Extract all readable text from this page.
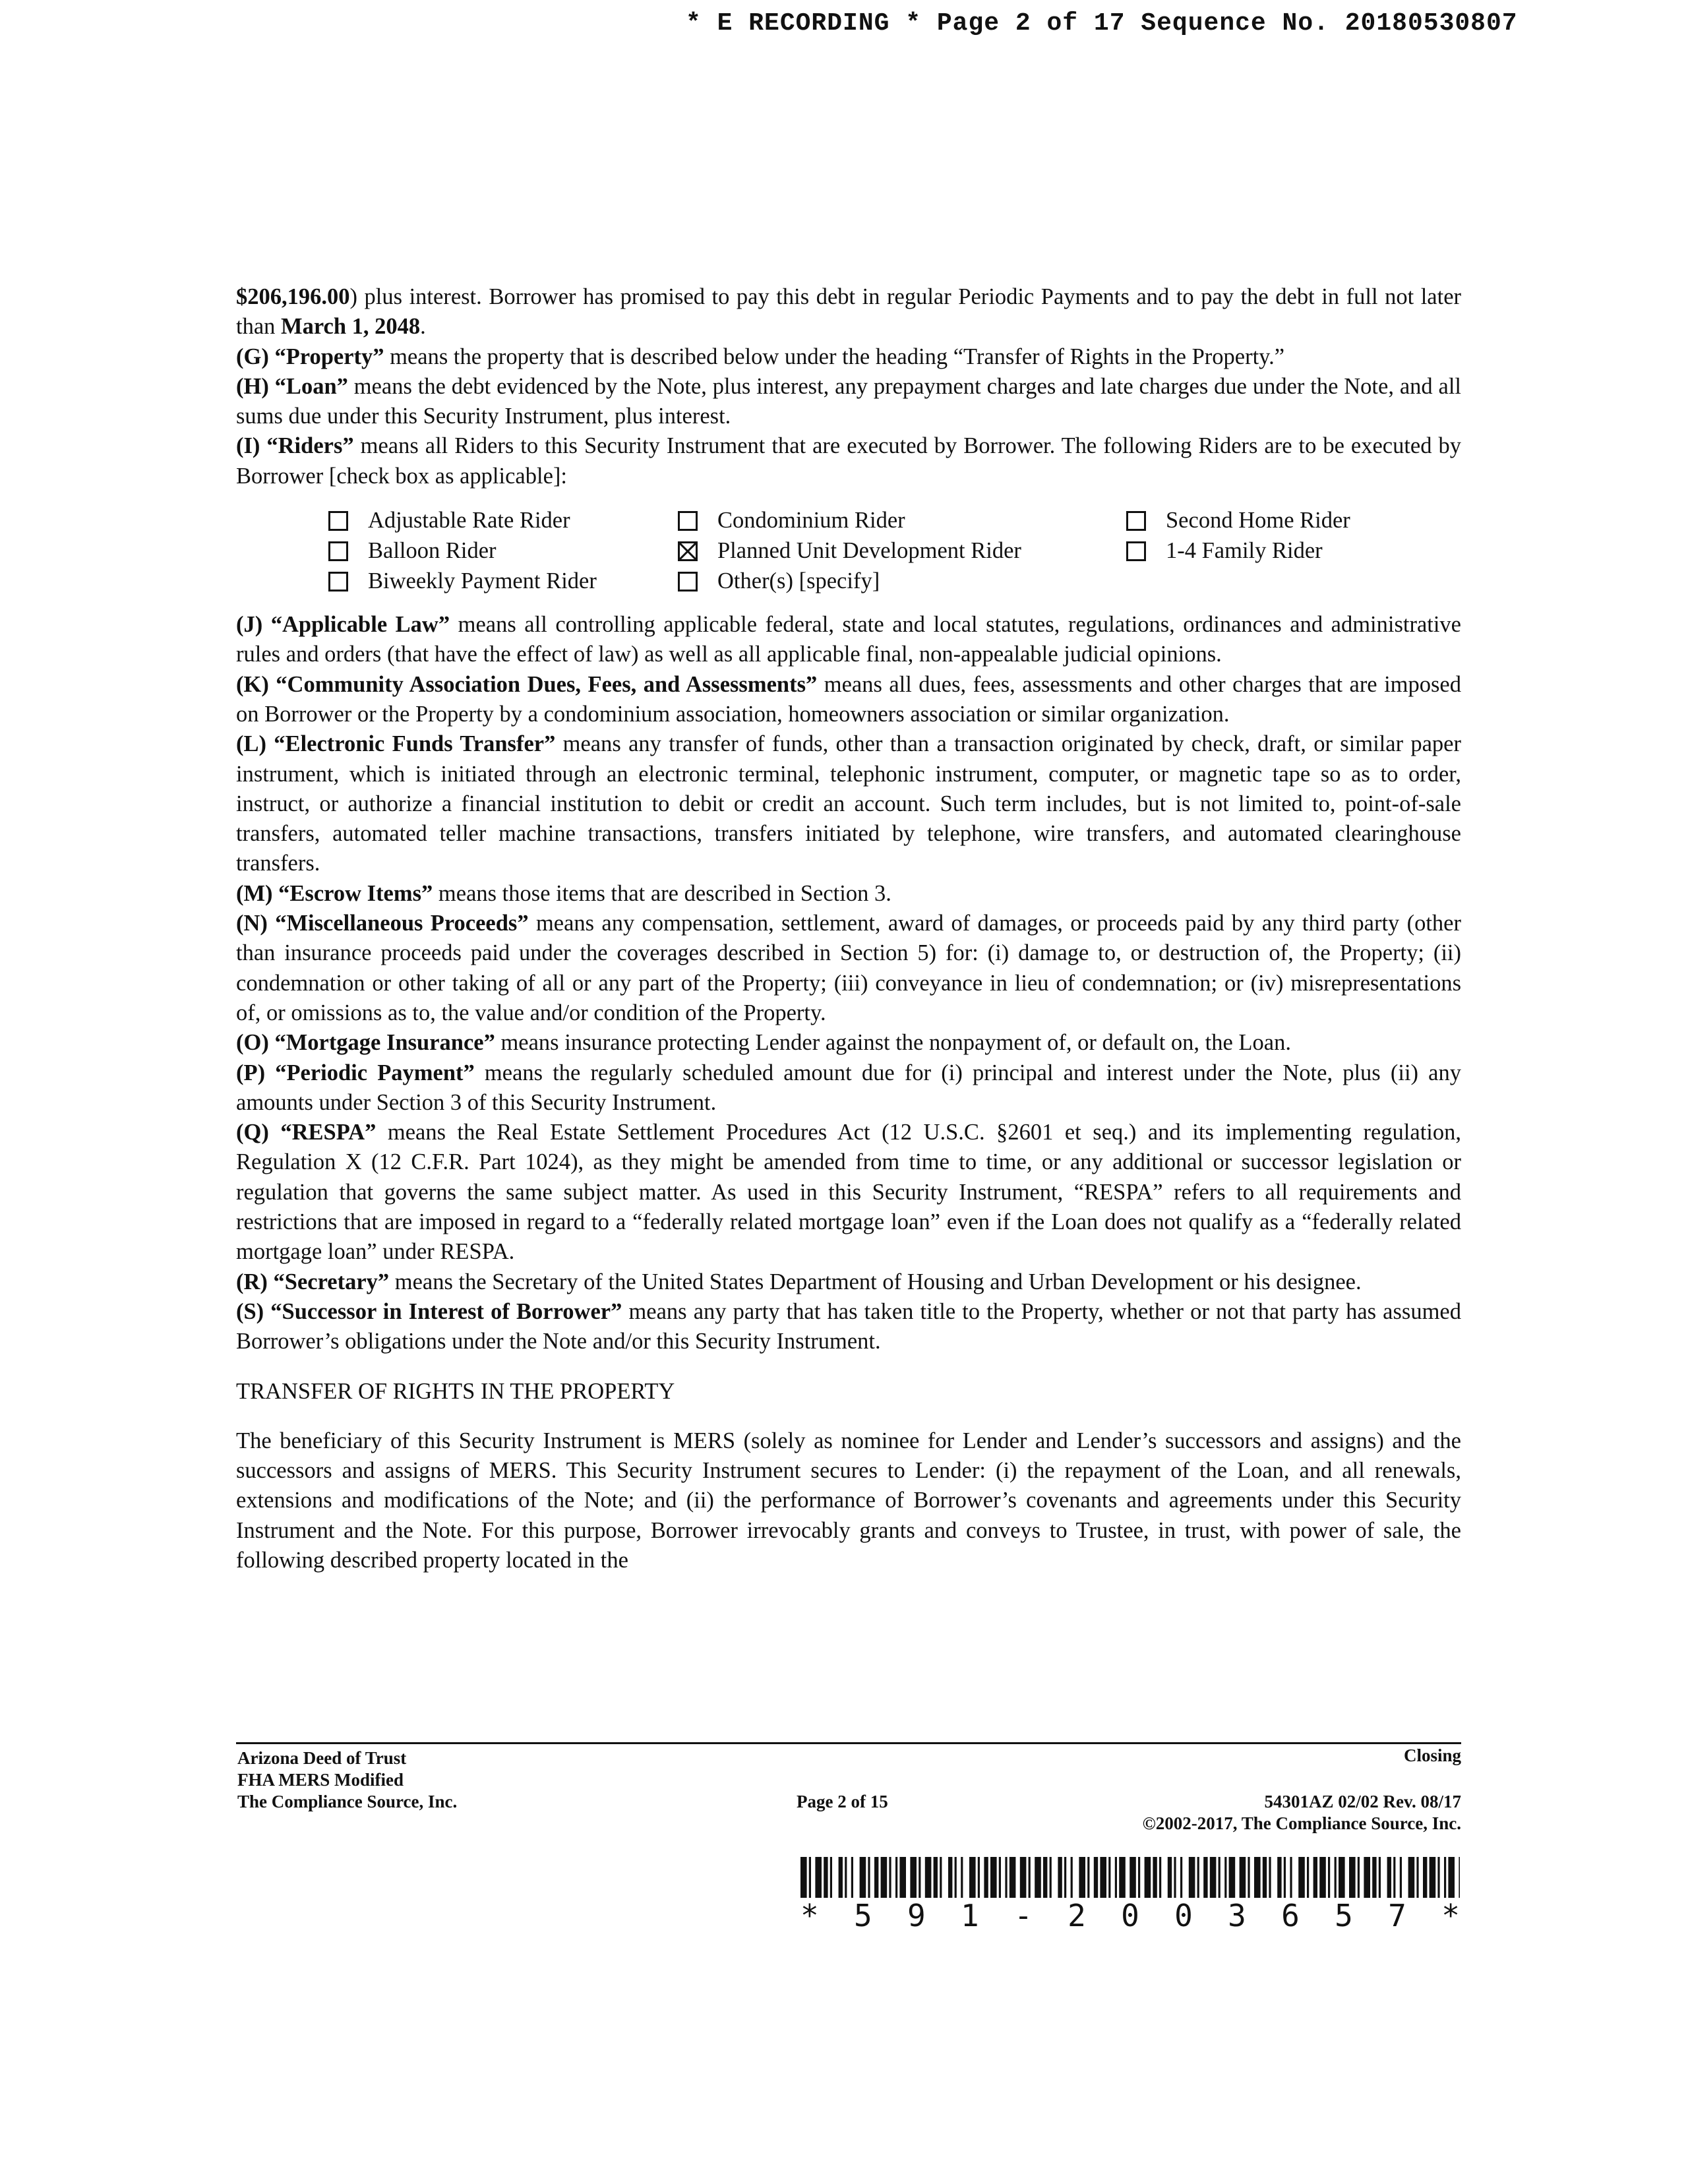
* E RECORDING * Page 2 of 17 Sequence No. 20180530807

$206,196.00) plus interest. Borrower has promised to pay this debt in regular Periodic Payments and to pay the debt in full not later than March 1, 2048.

(G) “Property” means the property that is described below under the heading “Transfer of Rights in the Property.”

(H) “Loan” means the debt evidenced by the Note, plus interest, any prepayment charges and late charges due under the Note, and all sums due under this Security Instrument, plus interest.

(I) “Riders” means all Riders to this Security Instrument that are executed by Borrower. The following Riders are to be executed by Borrower [check box as applicable]:

Adjustable Rate Rider	Condominium Rider	Second Home Rider
Balloon Rider	Planned Unit Development Rider	1-4 Family Rider
Biweekly Payment Rider	Other(s) [specify]

(J) “Applicable Law” means all controlling applicable federal, state and local statutes, regulations, ordinances and administrative rules and orders (that have the effect of law) as well as all applicable final, non-appealable judicial opinions.

(K) “Community Association Dues, Fees, and Assessments” means all dues, fees, assessments and other charges that are imposed on Borrower or the Property by a condominium association, homeowners association or similar organization.

(L) “Electronic Funds Transfer” means any transfer of funds, other than a transaction originated by check, draft, or similar paper instrument, which is initiated through an electronic terminal, telephonic instrument, computer, or magnetic tape so as to order, instruct, or authorize a financial institution to debit or credit an account. Such term includes, but is not limited to, point-of-sale transfers, automated teller machine transactions, transfers initiated by telephone, wire transfers, and automated clearinghouse transfers.

(M) “Escrow Items” means those items that are described in Section 3.

(N) “Miscellaneous Proceeds” means any compensation, settlement, award of damages, or proceeds paid by any third party (other than insurance proceeds paid under the coverages described in Section 5) for: (i) damage to, or destruction of, the Property; (ii) condemnation or other taking of all or any part of the Property; (iii) conveyance in lieu of condemnation; or (iv) misrepresentations of, or omissions as to, the value and/or condition of the Property.

(O) “Mortgage Insurance” means insurance protecting Lender against the nonpayment of, or default on, the Loan.

(P) “Periodic Payment” means the regularly scheduled amount due for (i) principal and interest under the Note, plus (ii) any amounts under Section 3 of this Security Instrument.

(Q) “RESPA” means the Real Estate Settlement Procedures Act (12 U.S.C. §2601 et seq.) and its implementing regulation, Regulation X (12 C.F.R. Part 1024), as they might be amended from time to time, or any additional or successor legislation or regulation that governs the same subject matter. As used in this Security Instrument, “RESPA” refers to all requirements and restrictions that are imposed in regard to a “federally related mortgage loan” even if the Loan does not qualify as a “federally related mortgage loan” under RESPA.

(R) “Secretary” means the Secretary of the United States Department of Housing and Urban Development or his designee.

(S) “Successor in Interest of Borrower” means any party that has taken title to the Property, whether or not that party has assumed Borrower’s obligations under the Note and/or this Security Instrument.

TRANSFER OF RIGHTS IN THE PROPERTY

The beneficiary of this Security Instrument is MERS (solely as nominee for Lender and Lender’s successors and assigns) and the successors and assigns of MERS. This Security Instrument secures to Lender: (i) the repayment of the Loan, and all renewals, extensions and modifications of the Note; and (ii) the performance of Borrower’s covenants and agreements under this Security Instrument and the Note. For this purpose, Borrower irrevocably grants and conveys to Trustee, in trust, with power of sale, the following described property located in the

Arizona Deed of Trust
FHA MERS Modified
The Compliance Source, Inc.
Closing
Page 2 of 15	54301AZ 02/02 Rev. 08/17
©2002-2017, The Compliance Source, Inc.
* 5 9 1 - 2 0 0 3 6 5 7 *
